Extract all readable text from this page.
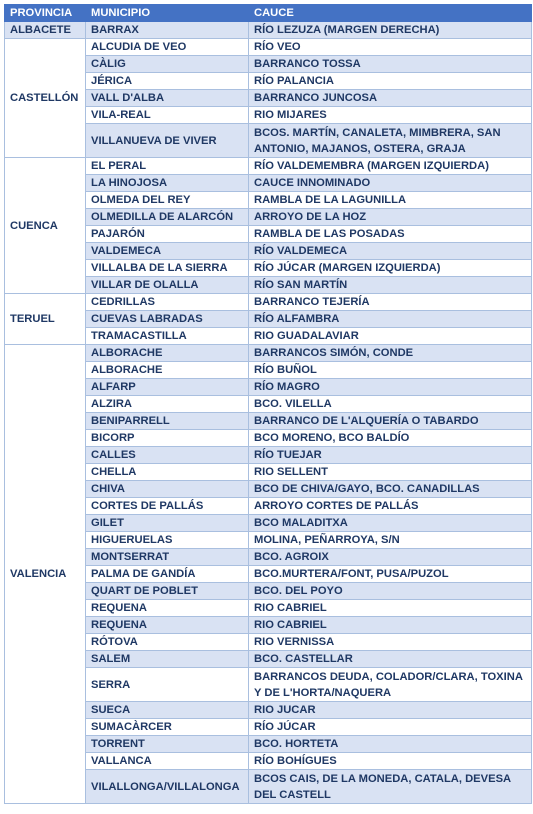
PROVINCIA	MUNICIPIO	CAUCE
ALBACETE	BARRAX	RÍO LEZUZA (MARGEN DERECHA)
CASTELLÓN	ALCUDIA DE VEO	RÍO VEO
	CÀLIG	BARRANCO TOSSA
	JÉRICA	RÍO PALANCIA
	VALL D'ALBA	BARRANCO JUNCOSA
	VILA-REAL	RIO MIJARES
	VILLANUEVA DE VIVER	BCOS. MARTÍN, CANALETA, MIMBRERA, SAN ANTONIO, MAJANOS, OSTERA, GRAJA
CUENCA	EL PERAL	RÍO VALDEMEMBRA (MARGEN IZQUIERDA)
	LA HINOJOSA	CAUCE INNOMINADO
	OLMEDA DEL REY	RAMBLA DE LA LAGUNILLA
	OLMEDILLA DE ALARCÓN	ARROYO DE LA HOZ
	PAJARÓN	RAMBLA DE LAS POSADAS
	VALDEMECA	RÍO VALDEMECA
	VILLALBA DE LA SIERRA	RÍO JÚCAR (MARGEN IZQUIERDA)
	VILLAR DE OLALLA	RÍO SAN MARTÍN
TERUEL	CEDRILLAS	BARRANCO TEJERÍA
	CUEVAS LABRADAS	RÍO ALFAMBRA
	TRAMACASTILLA	RIO GUADALAVIAR
VALENCIA	ALBORACHE	BARRANCOS SIMÓN, CONDE
	ALBORACHE	RÍO BUÑOL
	ALFARP	RÍO MAGRO
	ALZIRA	BCO. VILELLA
	BENIPARRELL	BARRANCO DE L'ALQUERÍA O TABARDO
	BICORP	BCO MORENO, BCO BALDÍO
	CALLES	RÍO TUEJAR
	CHELLA	RIO SELLENT
	CHIVA	BCO DE CHIVA/GAYO, BCO. CANADILLAS
	CORTES DE PALLÁS	ARROYO CORTES DE PALLÁS
	GILET	BCO MALADITXA
	HIGUERUELAS	MOLINA, PEÑARROYA, S/N
	MONTSERRAT	BCO. AGROIX
	PALMA DE GANDÍA	BCO.MURTERA/FONT, PUSA/PUZOL
	QUART DE POBLET	BCO. DEL POYO
	REQUENA	RIO CABRIEL
	REQUENA	RIO CABRIEL
	RÓTOVA	RIO VERNISSA
	SALEM	BCO. CASTELLAR
	SERRA	BARRANCOS DEUDA, COLADOR/CLARA, TOXINA Y DE L'HORTA/NAQUERA
	SUECA	RIO JUCAR
	SUMACÀRCER	RÍO JÚCAR
	TORRENT	BCO. HORTETA
	VALLANCA	RÍO BOHÍGUES
	VILALLONGA/VILLALONGA	BCOS CAIS, DE LA MONEDA, CATALA, DEVESA DEL CASTELL
